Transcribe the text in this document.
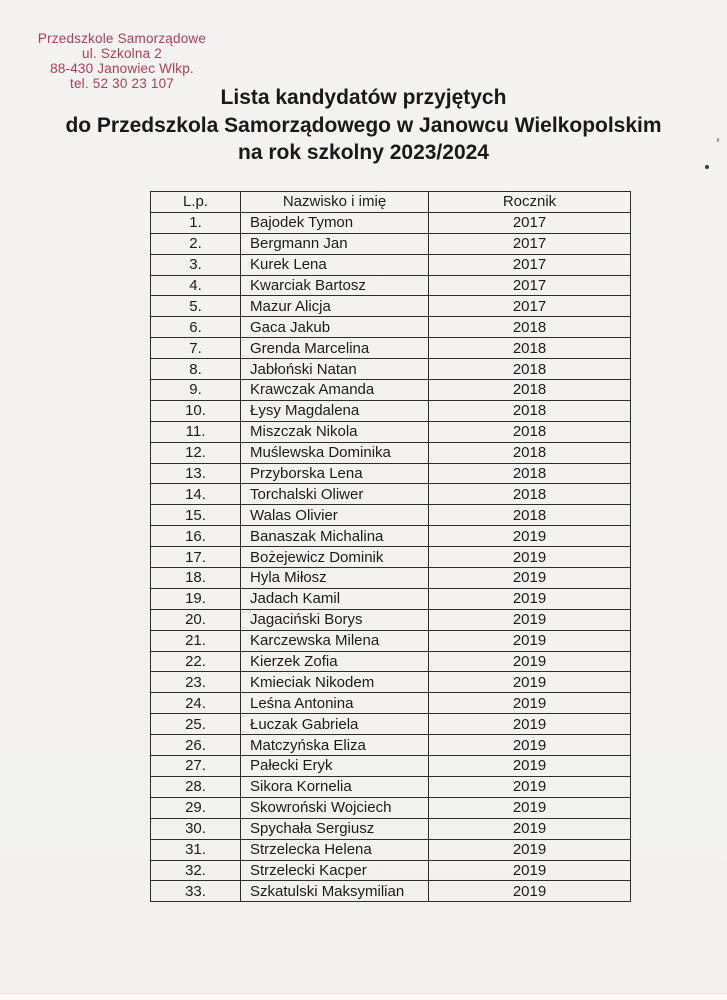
Przedszkole Samorządowe
ul. Szkolna 2
88-430 Janowiec Wlkp.
tel. 52 30 23 107
Lista kandydatów przyjętych
do Przedszkola Samorządowego w Janowcu Wielkopolskim
na rok szkolny 2023/2024
L.p.	Nazwisko i imię	Rocznik
1.	Bajodek Tymon	2017
2.	Bergmann Jan	2017
3.	Kurek Lena	2017
4.	Kwarciak Bartosz	2017
5.	Mazur Alicja	2017
6.	Gaca Jakub	2018
7.	Grenda Marcelina	2018
8.	Jabłoński Natan	2018
9.	Krawczak Amanda	2018
10.	Łysy Magdalena	2018
11.	Miszczak Nikola	2018
12.	Muślewska Dominika	2018
13.	Przyborska Lena	2018
14.	Torchalski Oliwer	2018
15.	Walas Olivier	2018
16.	Banaszak Michalina	2019
17.	Bożejewicz Dominik	2019
18.	Hyla Miłosz	2019
19.	Jadach Kamil	2019
20.	Jagaciński Borys	2019
21.	Karczewska Milena	2019
22.	Kierzek Zofia	2019
23.	Kmieciak Nikodem	2019
24.	Leśna Antonina	2019
25.	Łuczak Gabriela	2019
26.	Matczyńska Eliza	2019
27.	Pałecki Eryk	2019
28.	Sikora Kornelia	2019
29.	Skowroński Wojciech	2019
30.	Spychała Sergiusz	2019
31.	Strzelecka Helena	2019
32.	Strzelecki Kacper	2019
33.	Szkatulski Maksymilian	2019
